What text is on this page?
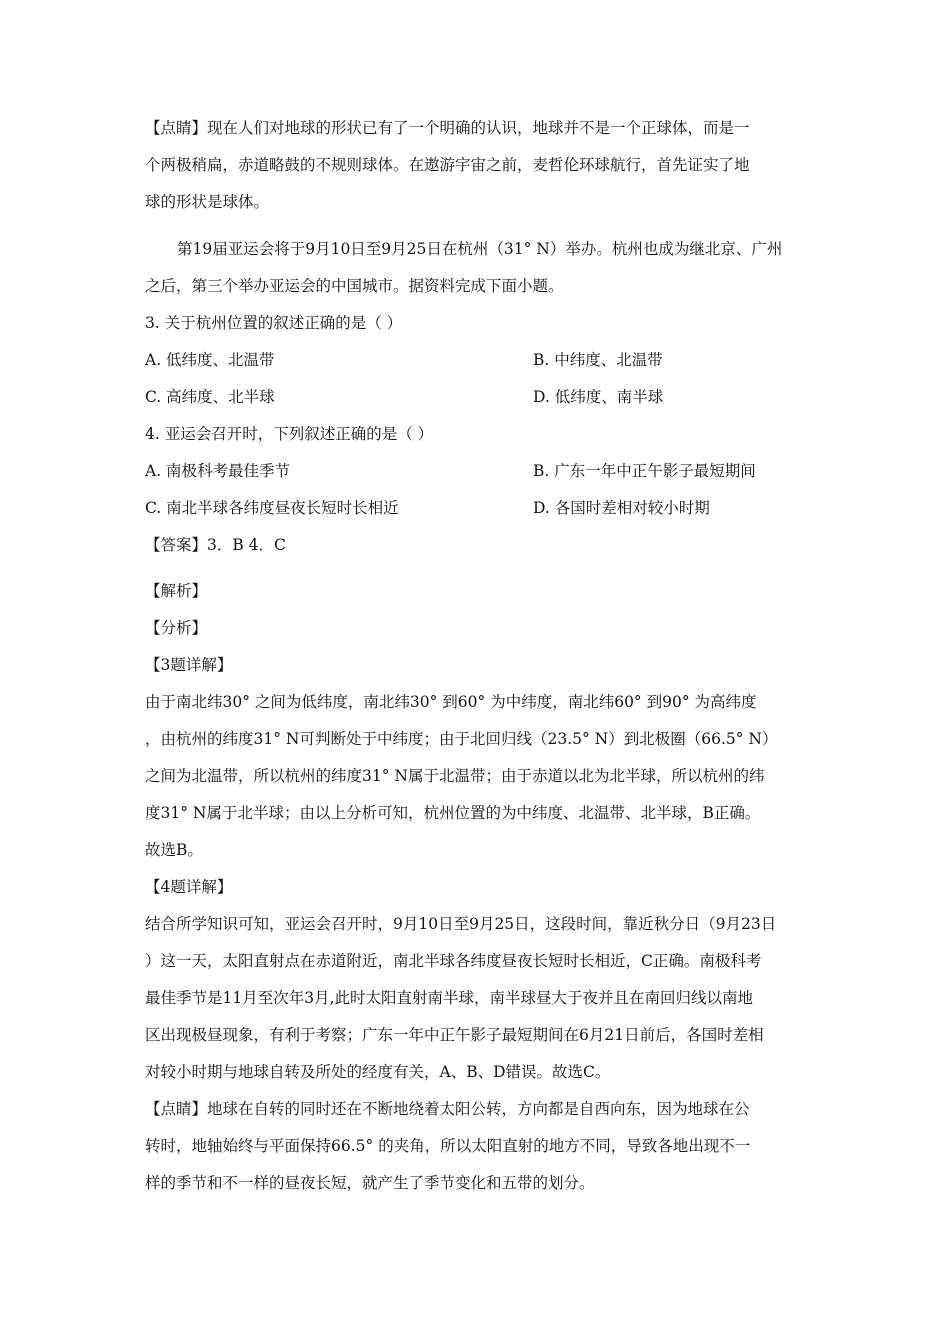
【点睛】现在人们对地球的形状已有了一个明确的认识，地球并不是一个正球体，而是一
个两极稍扁，赤道略鼓的不规则球体。在遨游宇宙之前，麦哲伦环球航行，首先证实了地
球的形状是球体。
第19届亚运会将于9月10日至9月25日在杭州（31° N）举办。杭州也成为继北京、广州
之后，第三个举办亚运会的中国城市。据资料完成下面小题。
3. 关于杭州位置的叙述正确的是（ ）
A. 低纬度、北温带	B. 中纬度、北温带
C. 高纬度、北半球	D. 低纬度、南半球
4. 亚运会召开时，下列叙述正确的是（ ）
A. 南极科考最佳季节	B. 广东一年中正午影子最短期间
C. 南北半球各纬度昼夜长短时长相近	D. 各国时差相对较小时期
【答案】3．B 4．C
【解析】
【分析】
【3题详解】
由于南北纬30° 之间为低纬度，南北纬30° 到60° 为中纬度，南北纬60° 到90° 为高纬度
，由杭州的纬度31° N可判断处于中纬度；由于北回归线（23.5° N）到北极圈（66.5° N）
之间为北温带，所以杭州的纬度31° N属于北温带；由于赤道以北为北半球，所以杭州的纬
度31° N属于北半球；由以上分析可知，杭州位置的为中纬度、北温带、北半球，B正确。
故选B。
【4题详解】
结合所学知识可知，亚运会召开时，9月10日至9月25日，这段时间，靠近秋分日（9月23日
）这一天，太阳直射点在赤道附近，南北半球各纬度昼夜长短时长相近，C正确。南极科考
最佳季节是11月至次年3月,此时太阳直射南半球，南半球昼大于夜并且在南回归线以南地
区出现极昼现象，有利于考察；广东一年中正午影子最短期间在6月21日前后，各国时差相
对较小时期与地球自转及所处的经度有关，A、B、D错误。故选C。
【点睛】地球在自转的同时还在不断地绕着太阳公转，方向都是自西向东，因为地球在公
转时，地轴始终与平面保持66.5° 的夹角，所以太阳直射的地方不同，导致各地出现不一
样的季节和不一样的昼夜长短，就产生了季节变化和五带的划分。
